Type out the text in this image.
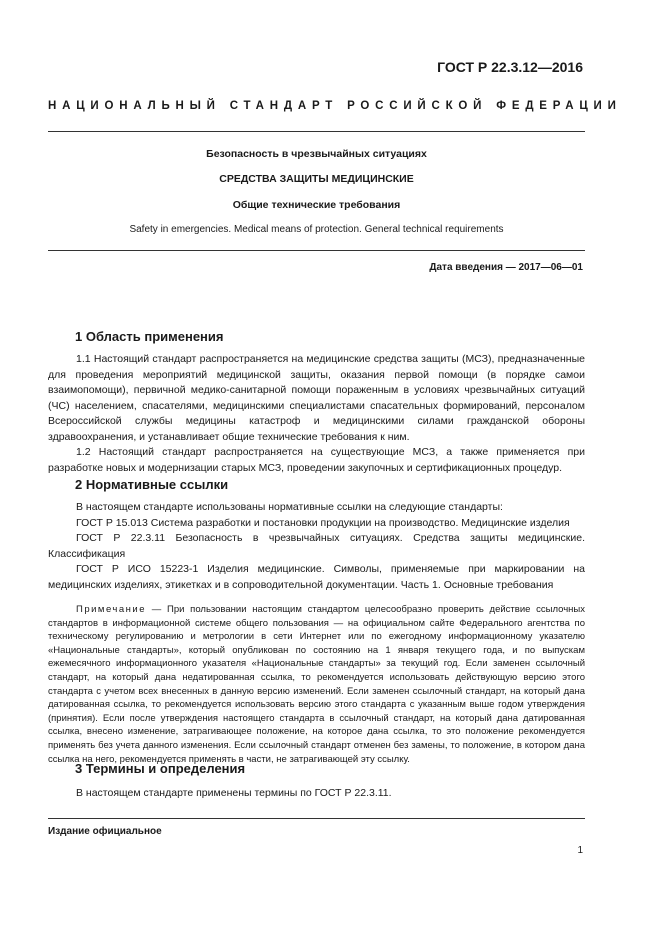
ГОСТ Р 22.3.12—2016
НАЦИОНАЛЬНЫЙ СТАНДАРТ РОССИЙСКОЙ ФЕДЕРАЦИИ
Безопасность в чрезвычайных ситуациях
СРЕДСТВА ЗАЩИТЫ МЕДИЦИНСКИЕ
Общие технические требования
Safety in emergencies. Medical means of protection. General technical requirements
Дата введения — 2017—06—01
1 Область применения

1.1 Настоящий стандарт распространяется на медицинские средства защиты (МСЗ), предназначенные для проведения мероприятий медицинской защиты, оказания первой помощи (в порядке самои взаимопомощи), первичной медико-санитарной помощи пораженным в условиях чрезвычайных ситуаций (ЧС) населением, спасателями, медицинскими специалистами спасательных формирований, персоналом Всероссийской службы медицины катастроф и медицинскими силами гражданской обороны здравоохранения, и устанавливает общие технические требования к ним.

1.2 Настоящий стандарт распространяется на существующие МСЗ, а также применяется при разработке новых и модернизации старых МСЗ, проведении закупочных и сертификационных процедур.

2 Нормативные ссылки

В настоящем стандарте использованы нормативные ссылки на следующие стандарты:

ГОСТ Р 15.013 Система разработки и постановки продукции на производство. Медицинские изделия

ГОСТ Р 22.3.11 Безопасность в чрезвычайных ситуациях. Средства защиты медицинские. Классификация

ГОСТ Р ИСО 15223-1 Изделия медицинские. Символы, применяемые при маркировании на медицинских изделиях, этикетках и в сопроводительной документации. Часть 1. Основные требования

Примечание — При пользовании настоящим стандартом целесообразно проверить действие ссылочных стандартов в информационной системе общего пользования — на официальном сайте Федерального агентства по техническому регулированию и метрологии в сети Интернет или по ежегодному информационному указателю «Национальные стандарты», который опубликован по состоянию на 1 января текущего года, и по выпускам ежемесячного информационного указателя «Национальные стандарты» за текущий год. Если заменен ссылочный стандарт, на который дана недатированная ссылка, то рекомендуется использовать действующую версию этого стандарта с учетом всех внесенных в данную версию изменений. Если заменен ссылочный стандарт, на который дана датированная ссылка, то рекомендуется использовать версию этого стандарта с указанным выше годом утверждения (принятия). Если после утверждения настоящего стандарта в ссылочный стандарт, на который дана датированная ссылка, внесено изменение, затрагивающее положение, на которое дана ссылка, то это положение рекомендуется применять без учета данного изменения. Если ссылочный стандарт отменен без замены, то положение, в котором дана ссылка на него, рекомендуется применять в части, не затрагивающей эту ссылку.

3 Термины и определения

В настоящем стандарте применены термины по ГОСТ Р 22.3.11.

Издание официальное
1
